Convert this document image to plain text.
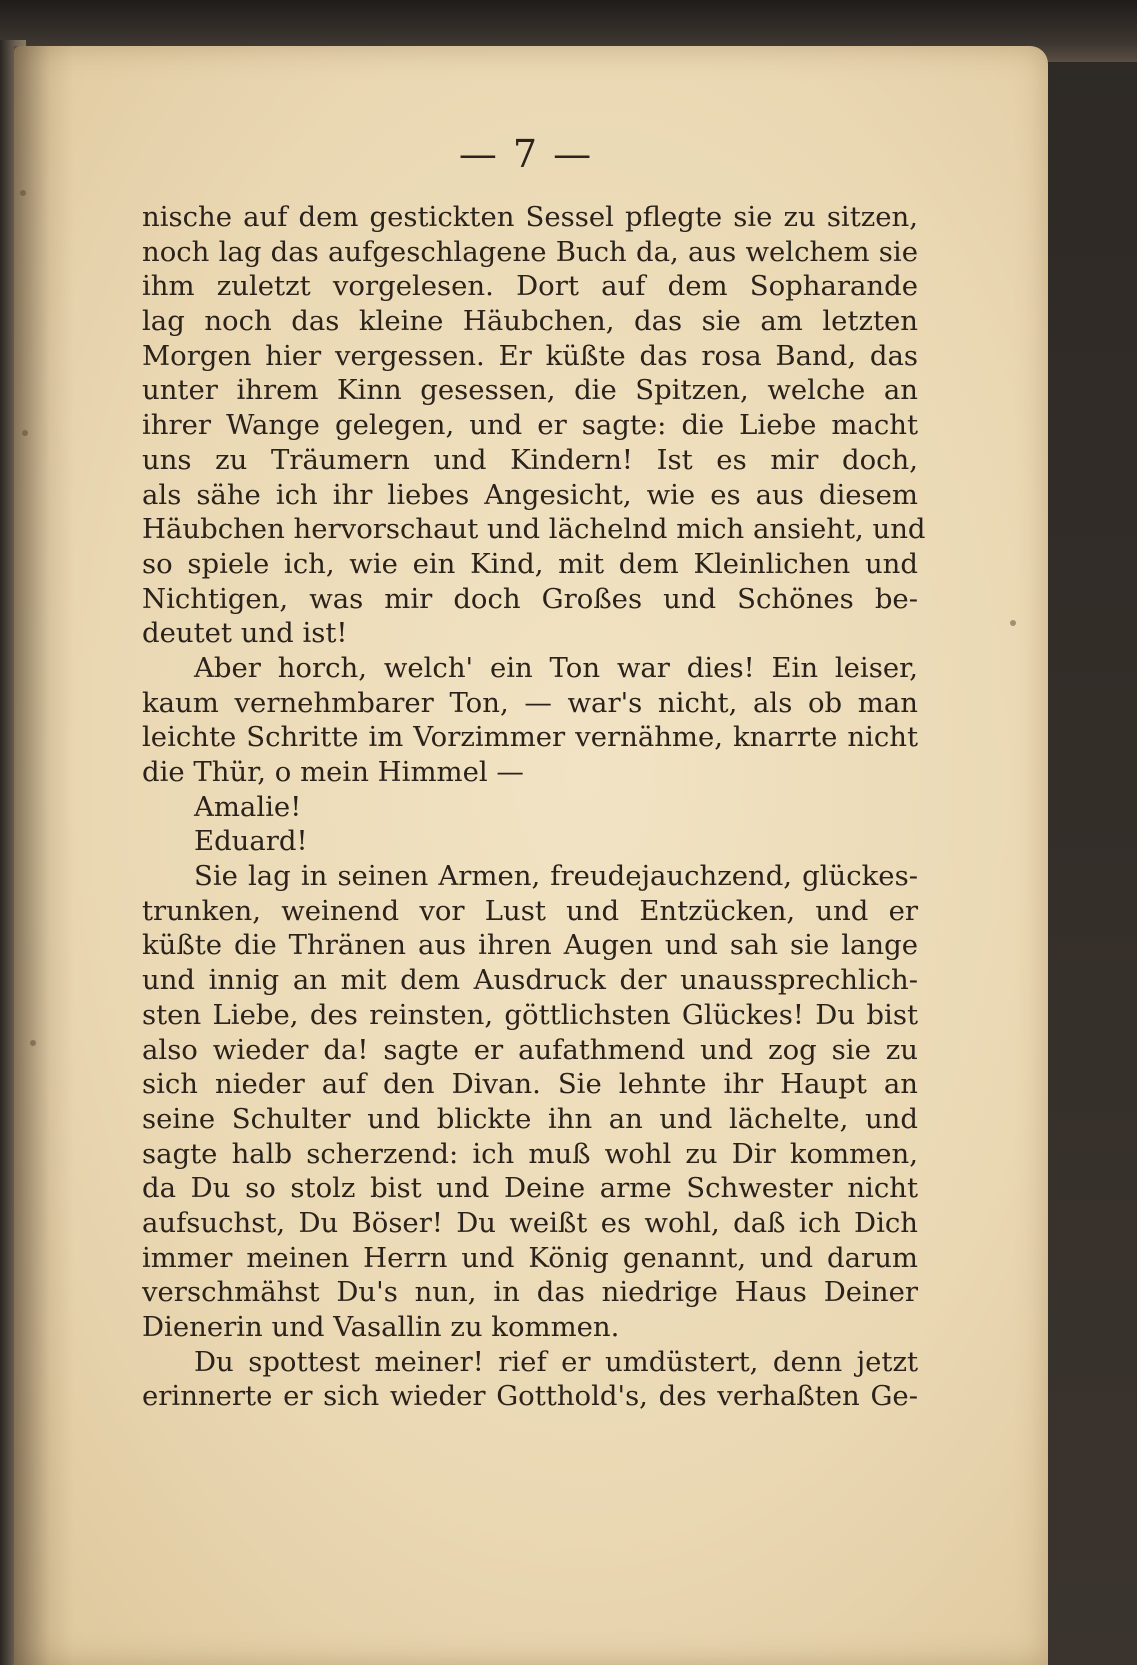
— 7 —
nische auf dem gestickten Sessel pflegte sie zu sitzen,
noch lag das aufgeschlagene Buch da, aus welchem sie
ihm zuletzt vorgelesen. Dort auf dem Sopharande
lag noch das kleine Häubchen, das sie am letzten
Morgen hier vergessen. Er küßte das rosa Band, das
unter ihrem Kinn gesessen, die Spitzen, welche an
ihrer Wange gelegen, und er sagte: die Liebe macht
uns zu Träumern und Kindern! Ist es mir doch,
als sähe ich ihr liebes Angesicht, wie es aus diesem
Häubchen hervorschaut und lächelnd mich ansieht, und
so spiele ich, wie ein Kind, mit dem Kleinlichen und
Nichtigen, was mir doch Großes und Schönes be-
deutet und ist!
Aber horch, welch' ein Ton war dies! Ein leiser,
kaum vernehmbarer Ton, — war's nicht, als ob man
leichte Schritte im Vorzimmer vernähme, knarrte nicht
die Thür, o mein Himmel —
Amalie!
Eduard!
Sie lag in seinen Armen, freudejauchzend, glückes-
trunken, weinend vor Lust und Entzücken, und er
küßte die Thränen aus ihren Augen und sah sie lange
und innig an mit dem Ausdruck der unaussprechlich-
sten Liebe, des reinsten, göttlichsten Glückes! Du bist
also wieder da! sagte er aufathmend und zog sie zu
sich nieder auf den Divan. Sie lehnte ihr Haupt an
seine Schulter und blickte ihn an und lächelte, und
sagte halb scherzend: ich muß wohl zu Dir kommen,
da Du so stolz bist und Deine arme Schwester nicht
aufsuchst, Du Böser! Du weißt es wohl, daß ich Dich
immer meinen Herrn und König genannt, und darum
verschmähst Du's nun, in das niedrige Haus Deiner
Dienerin und Vasallin zu kommen.
Du spottest meiner! rief er umdüstert, denn jetzt
erinnerte er sich wieder Gotthold's, des verhaßten Ge-
